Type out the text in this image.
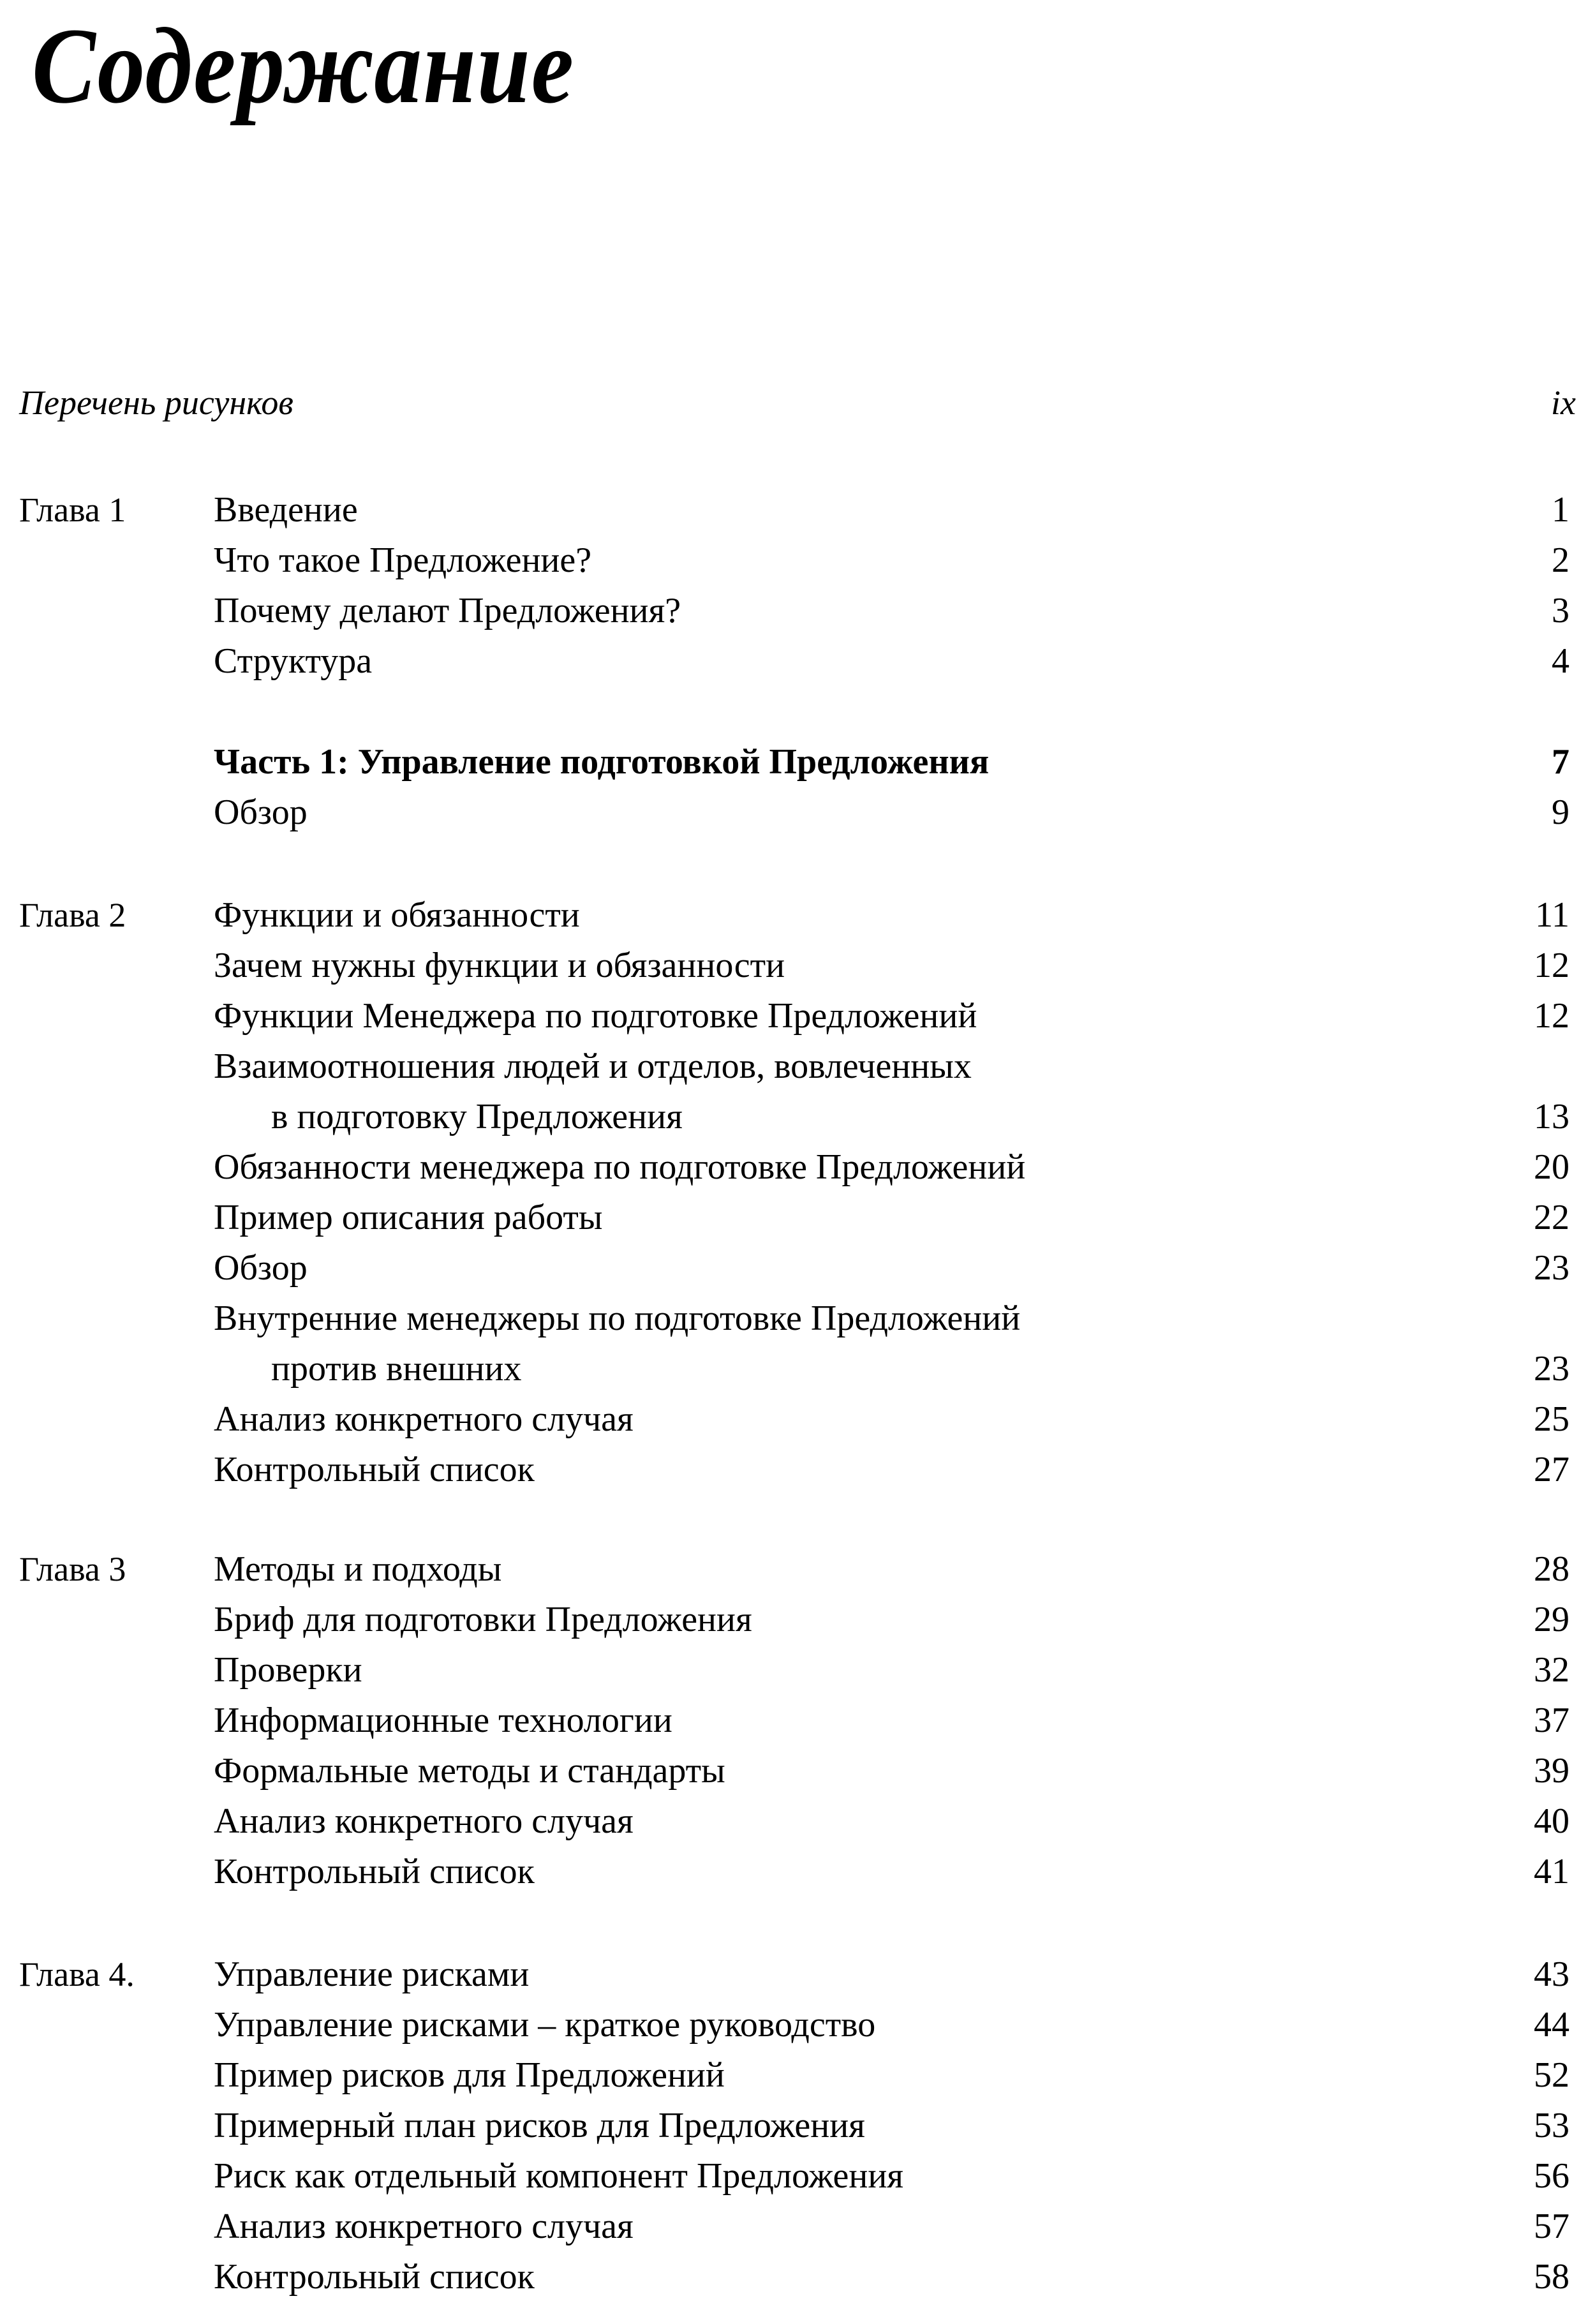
Содержание
Перечень рисунков	ix
Глава 1 Введение	1
Что такое Предложение?	2
Почему делают Предложения?	3
Структура	4
Часть 1: Управление подготовкой Предложения	7
Обзор	9
Глава 2 Функции и обязанности	11
Зачем нужны функции и обязанности	12
Функции Менеджера по подготовке Предложений	12
Взаимоотношения людей и отделов, вовлеченных
в подготовку Предложения	13
Обязанности менеджера по подготовке Предложений	20
Пример описания работы	22
Обзор	23
Внутренние менеджеры по подготовке Предложений
против внешних	23
Анализ конкретного случая	25
Контрольный список	27
Глава 3 Методы и подходы	28
Бриф для подготовки Предложения	29
Проверки	32
Информационные технологии	37
Формальные методы и стандарты	39
Анализ конкретного случая	40
Контрольный список	41
Глава 4. Управление рисками	43
Управление рисками – краткое руководство	44
Пример рисков для Предложений	52
Примерный план рисков для Предложения	53
Риск как отдельный компонент Предложения	56
Анализ конкретного случая	57
Контрольный список	58
